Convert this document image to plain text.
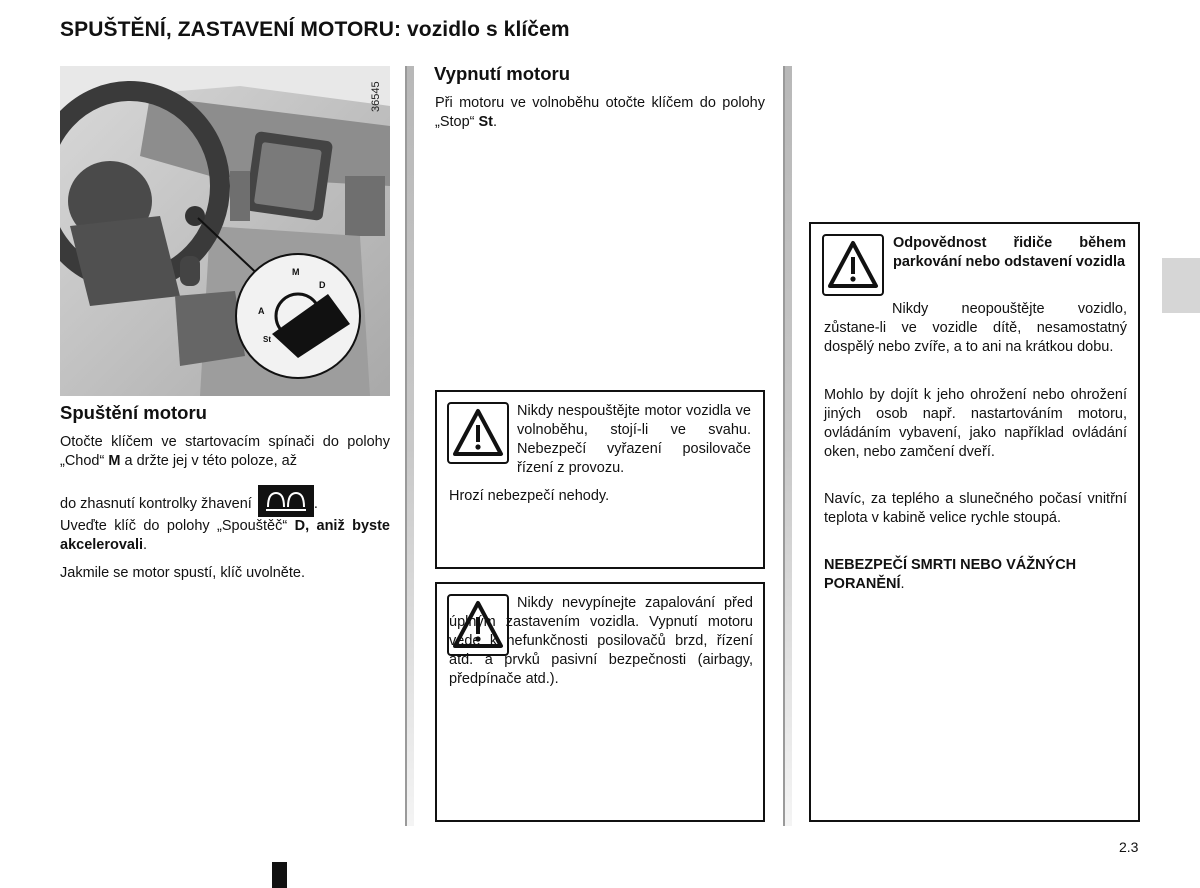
SPUŠTĚNÍ, ZASTAVENÍ MOTORU: vozidlo s klíčem
M
D
A
St
36545
Spuštění motoru
Otočte klíčem ve startovacím spínači do polohy „Chod“ M a držte jej v této poloze, až
do zhasnutí kontrolky žhavení	.
Uveďte klíč do polohy „Spouštěč“ D, aniž byste akcelerovali.
Jakmile se motor spustí, klíč uvolněte.
Vypnutí motoru
Při motoru ve volnoběhu otočte klíčem do polohy „Stop“ St.
Nikdy nespouštějte motor vozidla ve volnoběhu, stojí-li ve svahu. Nebezpečí vyřazení posilovače řízení z provozu.
Hrozí nebezpečí nehody.
Nikdy nevypínejte zapalování před úplným zastavením vozidla. Vypnutí motoru vede k nefunkčnosti posilovačů brzd, řízení atd. a prvků pasivní bezpečnosti (airbagy, předpínače atd.).
Odpovědnost řidiče během parkování nebo odstavení vozidla
Nikdy neopouštějte vozidlo, zůstane-li ve vozidle dítě, nesamostatný dospělý nebo zvíře, a to ani na krátkou dobu.
Mohlo by dojít k jeho ohrožení nebo ohrožení jiných osob např. nastartováním motoru, ovládáním vybavení, jako například ovládání oken, nebo zamčení dveří.
Navíc, za teplého a slunečného počasí vnitřní teplota v kabině velice rychle stoupá.
NEBEZPEČÍ SMRTI NEBO VÁŽNÝCH PORANĚNÍ.
2.3
